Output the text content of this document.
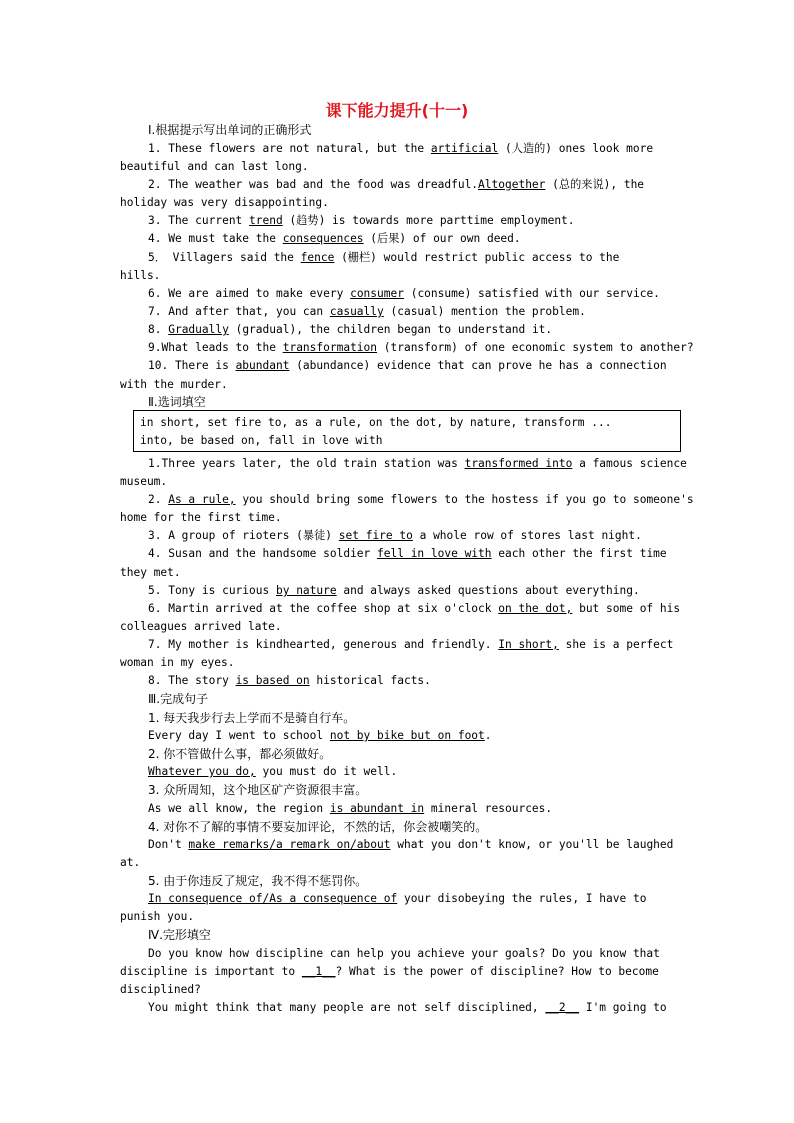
课下能力提升(十一)
Ⅰ.根据提示写出单词的正确形式
1. These flowers are not natural, but the artificial (人造的) ones look more
beautiful and can last long.
2. The weather was bad and the food was dreadful.Altogether (总的来说), the
holiday was very disappointing.
3. The current trend (趋势) is towards more parttime employment.
4. We must take the consequences (后果) of our own deed.
5． Villagers said the fence (栅栏) would restrict public access to the
hills.
6. We are aimed to make every consumer (consume) satisfied with our service.
7. And after that, you can casually (casual) mention the problem.
8. Gradually (gradual), the children began to understand it.
9.What leads to the transformation (transform) of one economic system to another?
10. There is abundant (abundance) evidence that can prove he has a connection
with the murder.
Ⅱ.选词填空
in short, set fire to, as a rule, on the dot, by nature, transform ...
into, be based on, fall in love with
1.Three years later, the old train station was transformed into a famous science
museum.
2. As a rule, you should bring some flowers to the hostess if you go to someone's
home for the first time.
3. A group of rioters (暴徒) set fire to a whole row of stores last night.
4. Susan and the handsome soldier fell in love with each other the first time
they met.
5. Tony is curious by nature and always asked questions about everything.
6. Martin arrived at the coffee shop at six o'clock on the dot, but some of his
colleagues arrived late.
7. My mother is kindhearted, generous and friendly. In short, she is a perfect
woman in my eyes.
8. The story is based on historical facts.
Ⅲ.完成句子
1. 每天我步行去上学而不是骑自行车。
Every day I went to school not by bike but on foot.
2. 你不管做什么事，都必须做好。
Whatever you do, you must do it well.
3. 众所周知，这个地区矿产资源很丰富。
As we all know, the region is abundant in mineral resources.
4. 对你不了解的事情不要妄加评论，不然的话，你会被嘲笑的。
Don't make remarks/a remark on/about what you don't know, or you'll be laughed
at.
5. 由于你违反了规定，我不得不惩罚你。
In consequence of/As a consequence of your disobeying the rules, I have to
punish you.
Ⅳ.完形填空
Do you know how discipline can help you achieve your goals? Do you know that
discipline is important to __1__? What is the power of discipline? How to become
disciplined?
You might think that many people are not self disciplined, __2__ I'm going to
